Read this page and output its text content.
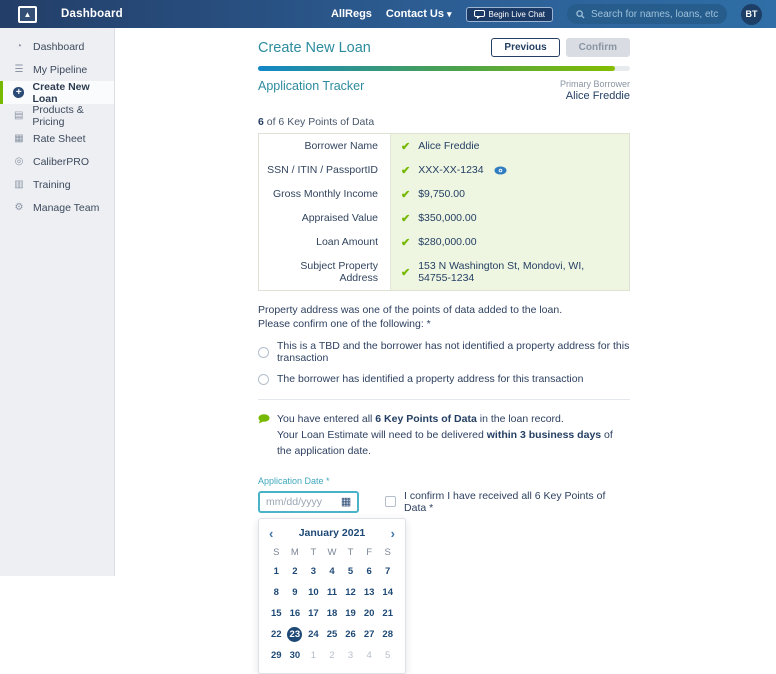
▲	Dashboard	AllRegs Contact Us ▾	Begin Live Chat
Search for names, loans, etc...	BT
◔ Dashboard
☰ My Pipeline
+ Create New Loan
▤ Products & Pricing
▦ Rate Sheet
◎ CaliberPRO
▥ Training
⚙ Manage Team
Create New Loan	Previous	Confirm
Application Tracker	Primary Borrower
Alice Freddie
6 of 6 Key Points of Data
Borrower Name	✔ Alice Freddie
SSN / ITIN / PassportID	✔ XXX-XX-1234
Gross Monthly Income	✔ $9,750.00
Appraised Value	✔ $350,000.00
Loan Amount	✔ $280,000.00
Subject Property Address	✔
153 N Washington St, Mondovi, WI, 54755-1234
Property address was one of the points of data added to the loan.
Please confirm one of the following: *
This is a TBD and the borrower has not identified a property address for this transaction
The borrower has identified a property address for this transaction
You have entered all 6 Key Points of Data in the loan record.
Your Loan Estimate will need to be delivered within 3 business days of the application date.
Application Date *
mm/dd/yyyy
▦
I confirm I have received all 6 Key Points of Data *
‹ January 2021 ›
S	M	T	W	T	F	S
1 2 3 4 5 6 7
8 9 10 11 12 13 14
15 16 17 18 19 20 21
22 23 24 25 26 27 28
29 30 1 2 3 4 5
